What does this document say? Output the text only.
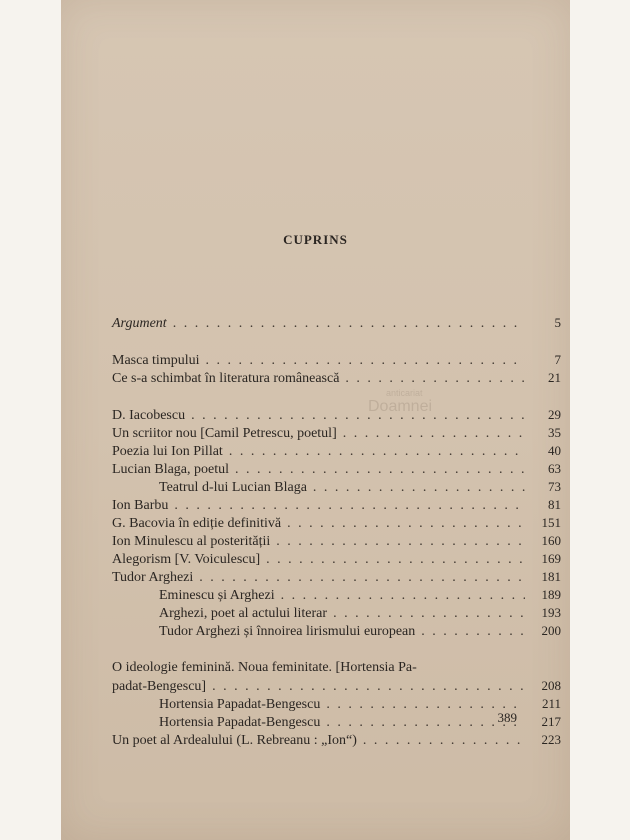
CUPRINS
Argument . . .	5
Masca timpului . . .	7
Ce s-a schimbat în literatura românească . . .	21
D. Iacobescu . . .	29
Un scriitor nou [Camil Petrescu, poetul] . . .	35
Poezia lui Ion Pillat . . .	40
Lucian Blaga, poetul . . .	63
Teatrul d-lui Lucian Blaga . . .	73
Ion Barbu . . .	81
G. Bacovia în ediție definitivă . . .	151
Ion Minulescu al posterității . . .	160
Alegorism [V. Voiculescu] . . .	169
Tudor Arghezi . . .	181
Eminescu și Arghezi . . .	189
Arghezi, poet al actului literar . . .	193
Tudor Arghezi și înnoirea lirismului european . . .	200
O ideologie feminină. Noua feminitate. [Hortensia Pa-
padat-Bengescu] . . .	208
Hortensia Papadat-Bengescu . . .	211
Hortensia Papadat-Bengescu . . .	217
Un poet al Ardealului (L. Rebreanu : „Ion“) . . .	223
389
anticariat
Doamnei
